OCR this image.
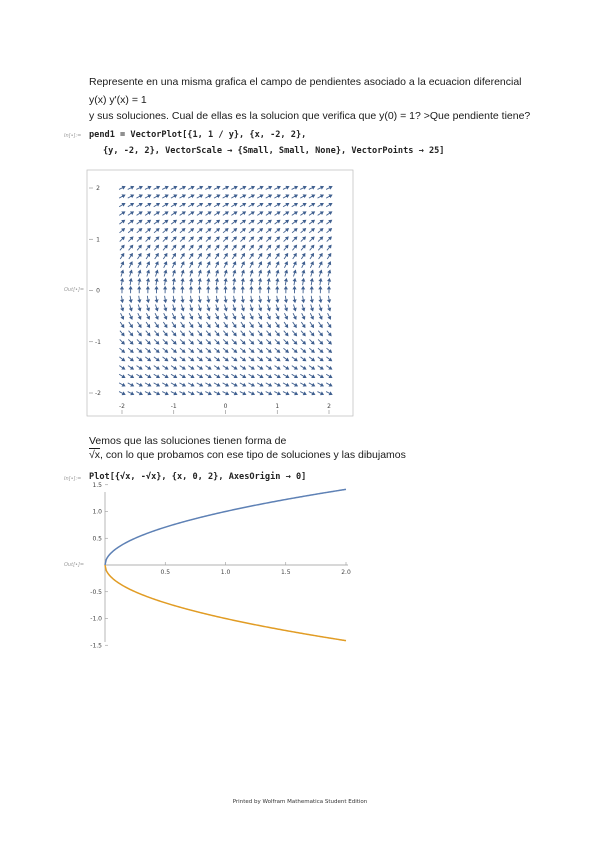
Represente en una misma grafica el campo de pendientes asociado a la ecuacion diferencial
y(x) y'(x) = 1
y sus soluciones. Cual de ellas es la solucion que verifica que y(0) = 1? >Que pendiente tiene?
In[•]:= pend1 = VectorPlot[{1, 1 / y}, {x, -2, 2},
{y, -2, 2}, VectorScale → {Small, Small, None}, VectorPoints → 25]
Out[•]=
-2	-1	0	1	2
2
1
0
-1
-2
Vemos que las soluciones tienen forma de
√x, con lo que probamos con ese tipo de soluciones y las dibujamos
In[•]:= Plot[{√x, -√x}, {x, 0, 2}, AxesOrigin → 0]
Out[•]=
0.5	1.0	1.5	2.0
1.5
1.0
0.5
-0.5
-1.0
-1.5
Printed by Wolfram Mathematica Student Edition
